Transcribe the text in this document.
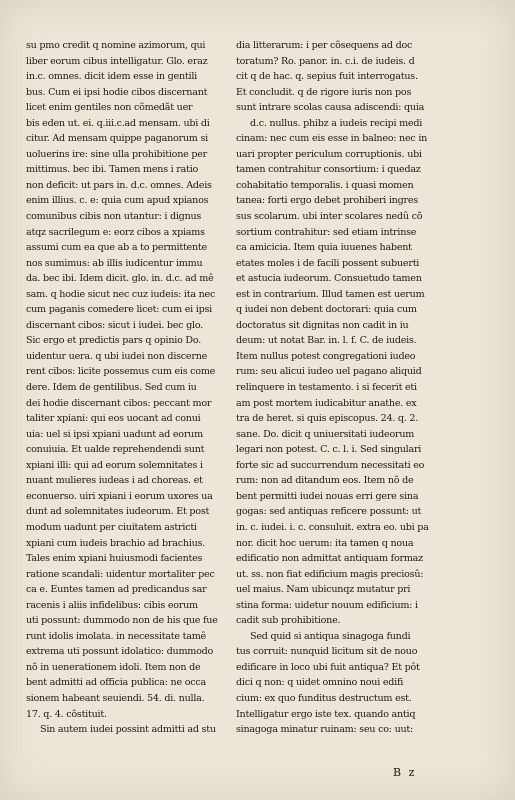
su pmo credit q nomine azimorum, qui
liber eorum cibus intelligatur. Glo. eraz
in.c. omnes. dicit idem esse in gentili
bus. Cum ei ipsi hodie cibos discernant
licet enim gentiles non cõmedãt uer
bis eden ut. ei. q.iii.c.ad mensam. ubi di
citur. Ad mensam quippe paganorum si
uoluerins ire: sine ulla prohibitione per
mittimus. bec ibi. Tamen mens i ratio
non deficit: ut pars in. d.c. omnes. Adeis
enim illius. c. e: quia cum apud xpianos
comunibus cibis non utantur: i dignus
atqz sacrilegum e: eorz cibos a xpiams
assumi cum ea que ab a to permittente
nos sumimus: ab illis iudicentur immu
da. bec ibi. Idem dicit. glo. in. d.c. ad mê
sam. q hodie sicut nec cuz iudeis: ita nec
cum paganis comedere licet: cum ei ipsi
discernant cibos: sicut i iudei. bec glo.
Sic ergo et predictis pars q opinio Do.
uidentur uera. q ubi iudei non discerne
rent cibos: licite possemus cum eis come
dere. Idem de gentilibus. Sed cum iu
dei hodie discernant cibos: peccant mor
taliter xpiani: qui eos uocant ad conui
uia: uel si ipsi xpiani uadunt ad eorum
conuiuia. Et ualde reprehendendi sunt
xpiani illi: qui ad eorum solemnitates i
nuant mulieres iudeas i ad choreas. et
econuerso. uiri xpiani i eorum uxores ua
dunt ad solemnitates iudeorum. Et post
modum uadunt per ciuitatem astricti
xpiani cum iudeis brachio ad brachius.
Tales enim xpiani huiusmodi facientes
ratione scandali: uidentur mortaliter pec
ca e. Euntes tamen ad predicandus sar
racenis i aliis infidelibus: cibis eorum
uti possunt: dummodo non de his que fue
runt idolis imolata. in necessitate tamê
extrema uti possunt idolatico: dummodo
nõ in uenerationem idoli. Item non de
bent admitti ad officia publica: ne occa
sionem habeant seuiendi. 54. di. nulla.
17. q. 4. cõstituit.
Sin autem iudei possint admitti ad stu
dia litterarum: i per cõsequens ad doc
toratum? Ro. panor. in. c.i. de iudeis. d
cit q de hac. q. sepius fuit interrogatus.
Et concludit. q de rigore iuris non pos
sunt intrare scolas causa adiscendi: quia
d.c. nullus. phibz a iudeis recipi medi
cinam: nec cum eis esse in balneo: nec in
uari propter periculum corruptionis. ubi
tamen contrahitur consortium: i quedaz
cohabitatio temporalis. i quasi momen
tanea: forti ergo debet prohiberi ingres
sus scolarum. ubi inter scolares nedû cõ
sortium contrahitur: sed etiam intrinse
ca amicicia. Item quia iuuenes habent
etates moles i de facili possent subuerti
et astucia iudeorum. Consuetudo tamen
est in contrarium. Illud tamen est uerum
q iudei non debent doctorari: quia cum
doctoratus sit dignitas non cadit in iu
deum: ut notat Bar. in. l. f. C. de iudeis.
Item nullus potest congregationi iudeo
rum: seu alicui iudeo uel pagano aliquid
relinquere in testamento. i si fecerit eti
am post mortem iudicabitur anathe. ex
tra de heret. si quis episcopus. 24. q. 2.
sane. Do. dicit q uniuersitati iudeorum
legari non potest. C. c. l. i. Sed singulari
forte sic ad succurrendum necessitati eo
rum: non ad ditandum eos. Item nõ de
bent permitti iudei nouas erri gere sina
gogas: sed antiquas reficere possunt: ut
in. c. iudei. i. c. consuluit. extra eo. ubi pa
nor. dicit hoc uerum: ita tamen q noua
edificatio non admittat antiquam formaz
ut. ss. non fiat edificium magis preciosû:
uel maius. Nam ubicunqz mutatur pri
stina forma: uidetur nouum edificium: i
cadit sub prohibitione.
Sed quid si antiqua sinagoga fundi
tus corruit: nunquid licitum sit de nouo
edificare in loco ubi fuit antiqua? Et pôt
dici q non: q uidet omnino noui edifi
cium: ex quo funditus destructum est.
Intelligatur ergo iste tex. quando antiq
sinagoga minatur ruinam: seu co: uut:
B z
